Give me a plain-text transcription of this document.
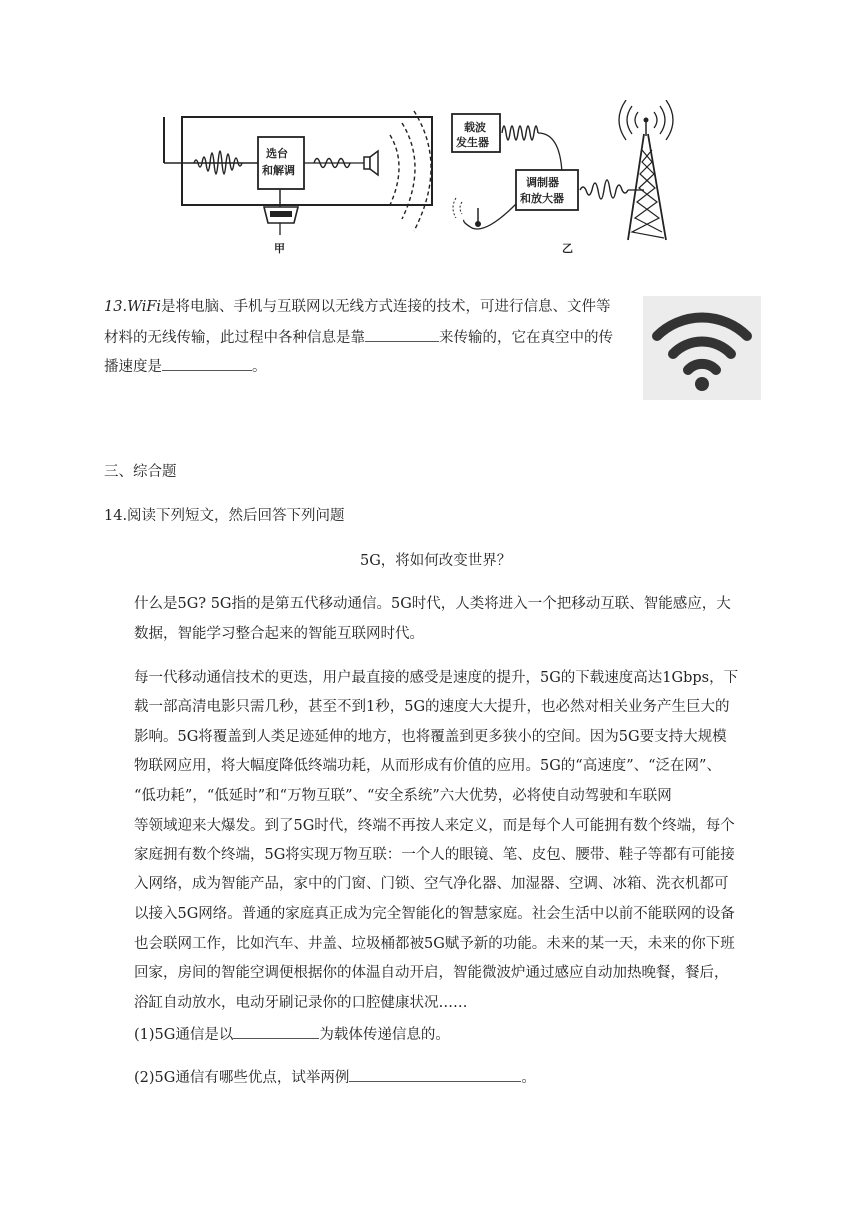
选台
和解调
甲
载波
发生器
调制器
和放大器
乙
13.WiFi是将电脑、手机与互联网以无线方式连接的技术，可进行信息、文件等
材料的无线传输，此过程中各种信息是靠	来传输的，它在真空中的传
播速度是	。
三、综合题
14.阅读下列短文，然后回答下列问题
5G，将如何改变世界？
什么是5G? 5G指的是第五代移动通信。5G时代，人类将进入一个把移动互联、智能感应，大
数据，智能学习整合起来的智能互联网时代。
每一代移动通信技术的更迭，用户最直接的感受是速度的提升，5G的下载速度高达1Gbps，下
载一部高清电影只需几秒，甚至不到1秒，5G的速度大大提升，也必然对相关业务产生巨大的
影响。5G将覆盖到人类足迹延伸的地方，也将覆盖到更多狭小的空间。因为5G要支持大规模
物联网应用，将大幅度降低终端功耗，从而形成有价值的应用。5G的“高速度”、“泛在网”、
“低功耗”，“低延时”和“万物互联”、“安全系统”六大优势，必将使自动驾驶和车联网
等领域迎来大爆发。到了5G时代，终端不再按人来定义，而是每个人可能拥有数个终端，每个
家庭拥有数个终端，5G将实现万物互联：一个人的眼镜、笔、皮包、腰带、鞋子等都有可能接
入网络，成为智能产品，家中的门窗、门锁、空气净化器、加湿器、空调、冰箱、洗衣机都可
以接入5G网络。普通的家庭真正成为完全智能化的智慧家庭。社会生活中以前不能联网的设备
也会联网工作，比如汽车、井盖、垃圾桶都被5G赋予新的功能。未来的某一天，未来的你下班
回家，房间的智能空调便根据你的体温自动开启，智能微波炉通过感应自动加热晚餐，餐后，
浴缸自动放水，电动牙刷记录你的口腔健康状况……
(1)5G通信是以	为载体传递信息的。
(2)5G通信有哪些优点，试举两例	。
